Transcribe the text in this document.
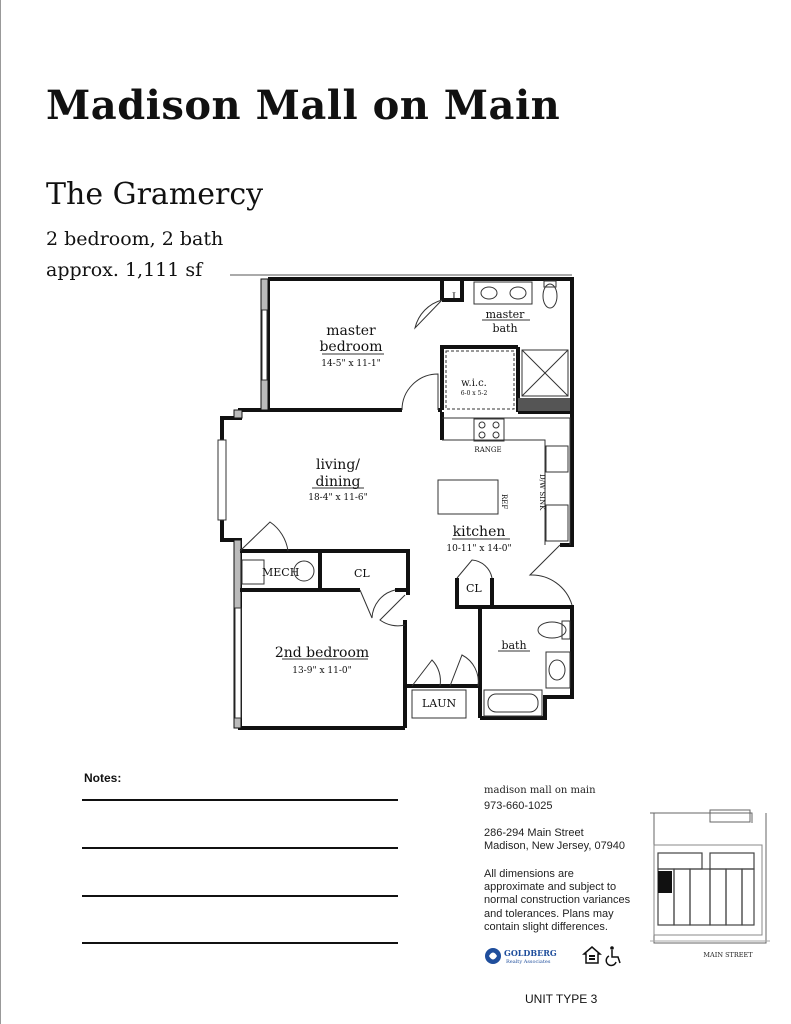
Madison Mall on Main
The Gramercy
2 bedroom, 2 bath
approx. 1,111 sf
master
bedroom
14-5" x 11-1"
master
bath
L
w.i.c.
6-0 x 5-2
living/
dining
18-4" x 11-6"
RANGE
REF	D/W SINK
kitchen
10-11" x 14-0"
MECH	CL
CL
2nd bedroom
13-9" x 11-0"
bath
LAUN
Notes:
madison mall on main
973-660-1025
286-294 Main Street
Madison, New Jersey, 07940
All dimensions are
approximate and subject to
normal construction variances
and tolerances. Plans may
contain slight differences.
GOLDBERG
Realty Associates
MAIN STREET
UNIT TYPE 3
